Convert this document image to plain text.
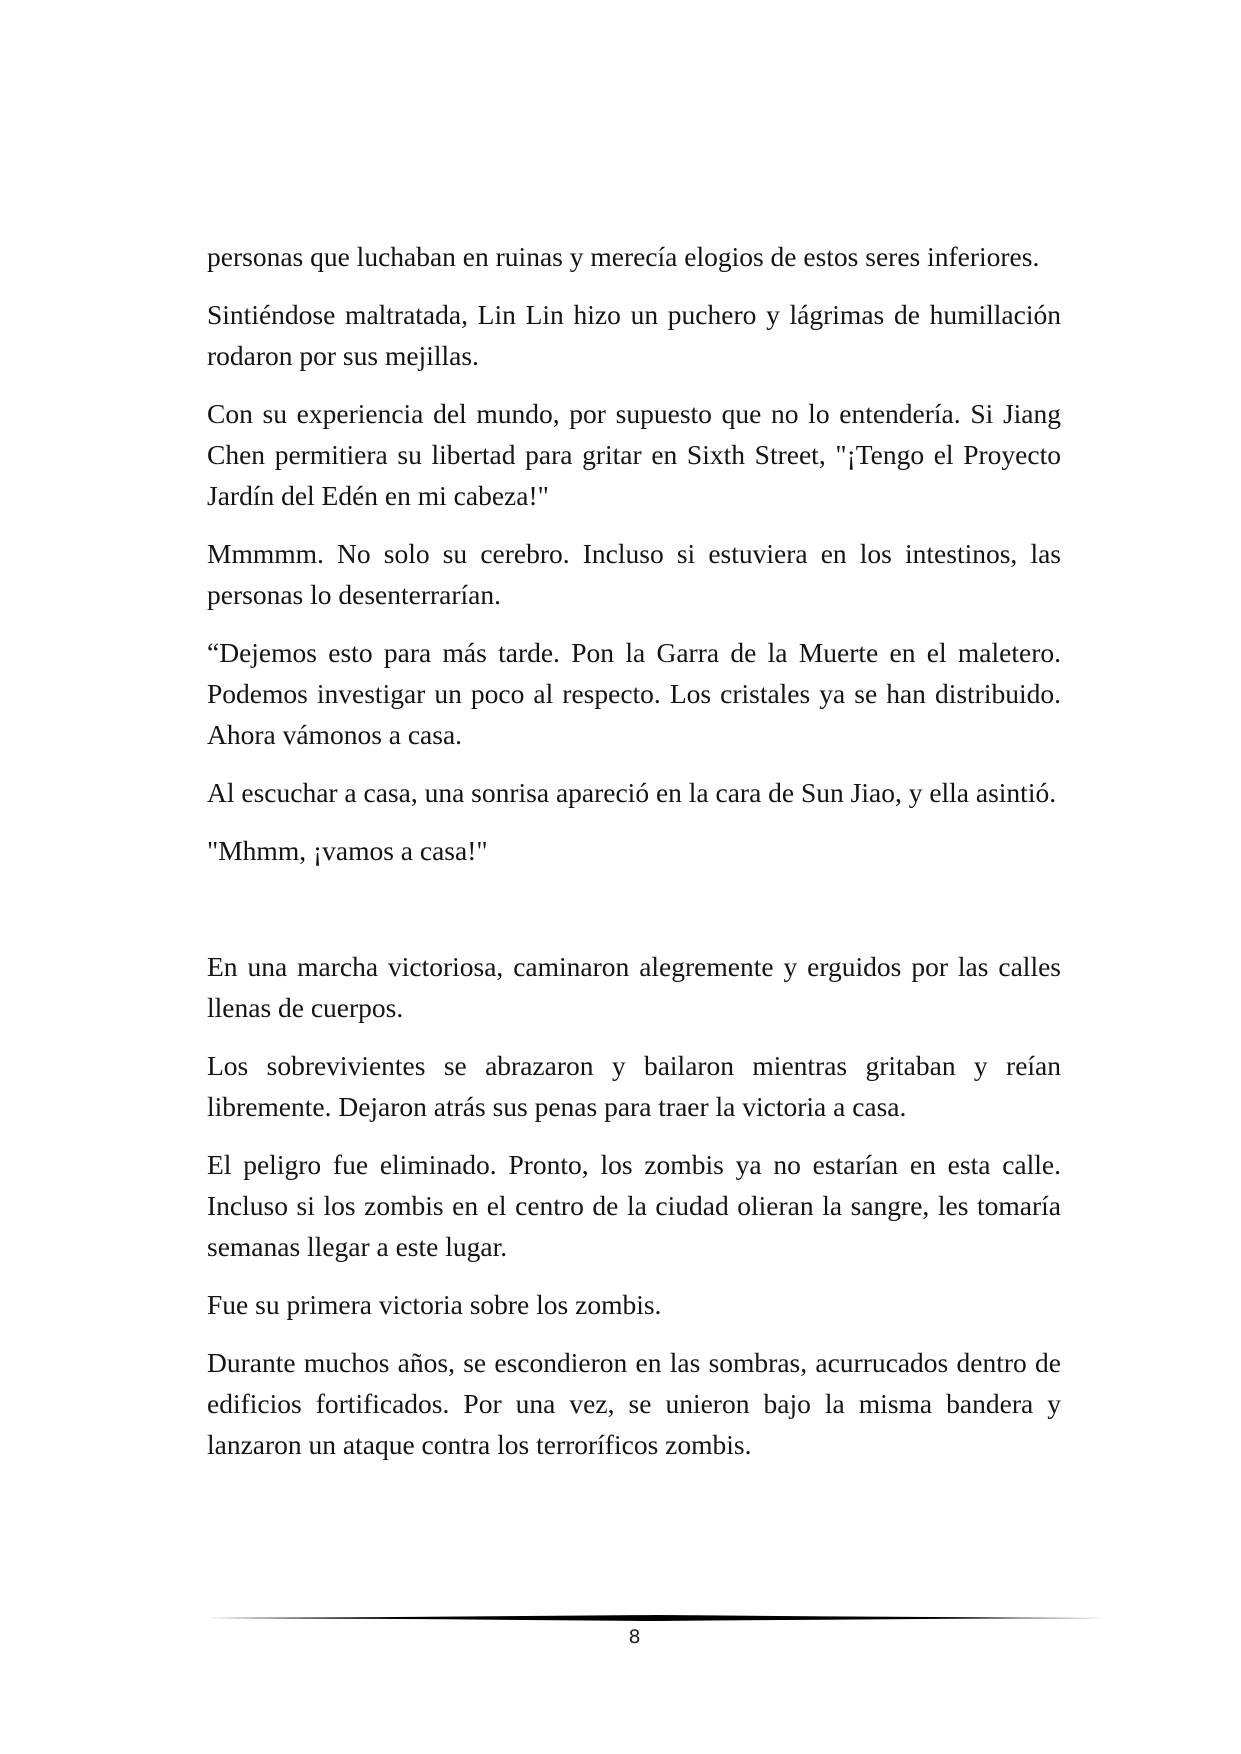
personas que luchaban en ruinas y merecía elogios de estos seres inferiores.

Sintiéndose maltratada, Lin Lin hizo un puchero y lágrimas de humillación rodaron por sus mejillas.

Con su experiencia del mundo, por supuesto que no lo entendería. Si Jiang Chen permitiera su libertad para gritar en Sixth Street, "¡Tengo el Proyecto Jardín del Edén en mi cabeza!"

Mmmmm. No solo su cerebro. Incluso si estuviera en los intestinos, las personas lo desenterrarían.

“Dejemos esto para más tarde. Pon la Garra de la Muerte en el maletero. Podemos investigar un poco al respecto. Los cristales ya se han distribuido. Ahora vámonos a casa.

Al escuchar a casa, una sonrisa apareció en la cara de Sun Jiao, y ella asintió.

"Mhmm, ¡vamos a casa!"

En una marcha victoriosa, caminaron alegremente y erguidos por las calles llenas de cuerpos.

Los sobrevivientes se abrazaron y bailaron mientras gritaban y reían libremente. Dejaron atrás sus penas para traer la victoria a casa.

El peligro fue eliminado. Pronto, los zombis ya no estarían en esta calle. Incluso si los zombis en el centro de la ciudad olieran la sangre, les tomaría semanas llegar a este lugar.

Fue su primera victoria sobre los zombis.

Durante muchos años, se escondieron en las sombras, acurrucados dentro de edificios fortificados. Por una vez, se unieron bajo la misma bandera y lanzaron un ataque contra los terroríficos zombis.

8
